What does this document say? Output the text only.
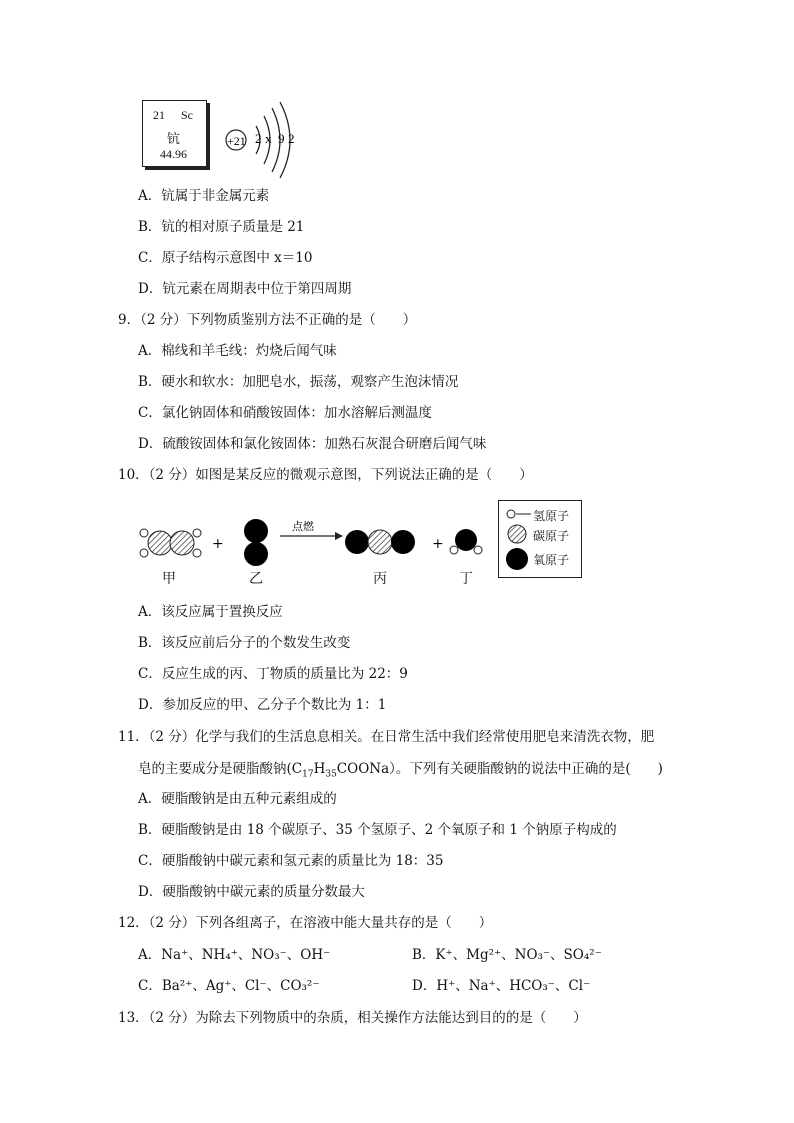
21 Sc
钪
44.96
+21 2 x 9 2
A．钪属于非金属元素
B．钪的相对原子质量是 21
C．原子结构示意图中 x＝10
D．钪元素在周期表中位于第四周期
9．（2 分）下列物质鉴别方法不正确的是（　　）
A．棉线和羊毛线：灼烧后闻气味
B．硬水和软水：加肥皂水，振荡，观察产生泡沫情况
C．氯化钠固体和硝酸铵固体：加水溶解后测温度
D．硫酸铵固体和氯化铵固体：加熟石灰混合研磨后闻气味
10．（2 分）如图是某反应的微观示意图，下列说法正确的是（　　）
+
点燃
+
甲	乙	丙	丁
氢原子
碳原子
氧原子
A．该反应属于置换反应
B．该反应前后分子的个数发生改变
C．反应生成的丙、丁物质的质量比为 22：9
D．参加反应的甲、乙分子个数比为 1：1
11．（2 分）化学与我们的生活息息相关。在日常生活中我们经常使用肥皂来清洗衣物，肥
皂的主要成分是硬脂酸钠$(C_{17}H_{35}COONa)$。下列有关硬脂酸钠的说法中正确的是(　　)
A．硬脂酸钠是由五种元素组成的
B．硬脂酸钠是由 18 个碳原子、35 个氢原子、2 个氧原子和 1 个钠原子构成的
C．硬脂酸钠中碳元素和氢元素的质量比为 18：35
D．硬脂酸钠中碳元素的质量分数最大
12．（2 分）下列各组离子，在溶液中能大量共存的是（　　）
A．Na⁺、NH₄⁺、NO₃⁻、OH⁻	B．K⁺、Mg²⁺、NO₃⁻、SO₄²⁻
C．Ba²⁺、Ag⁺、Cl⁻、CO₃²⁻	D．H⁺、Na⁺、HCO₃⁻、Cl⁻
13．（2 分）为除去下列物质中的杂质，相关操作方法能达到目的的是（　　）
